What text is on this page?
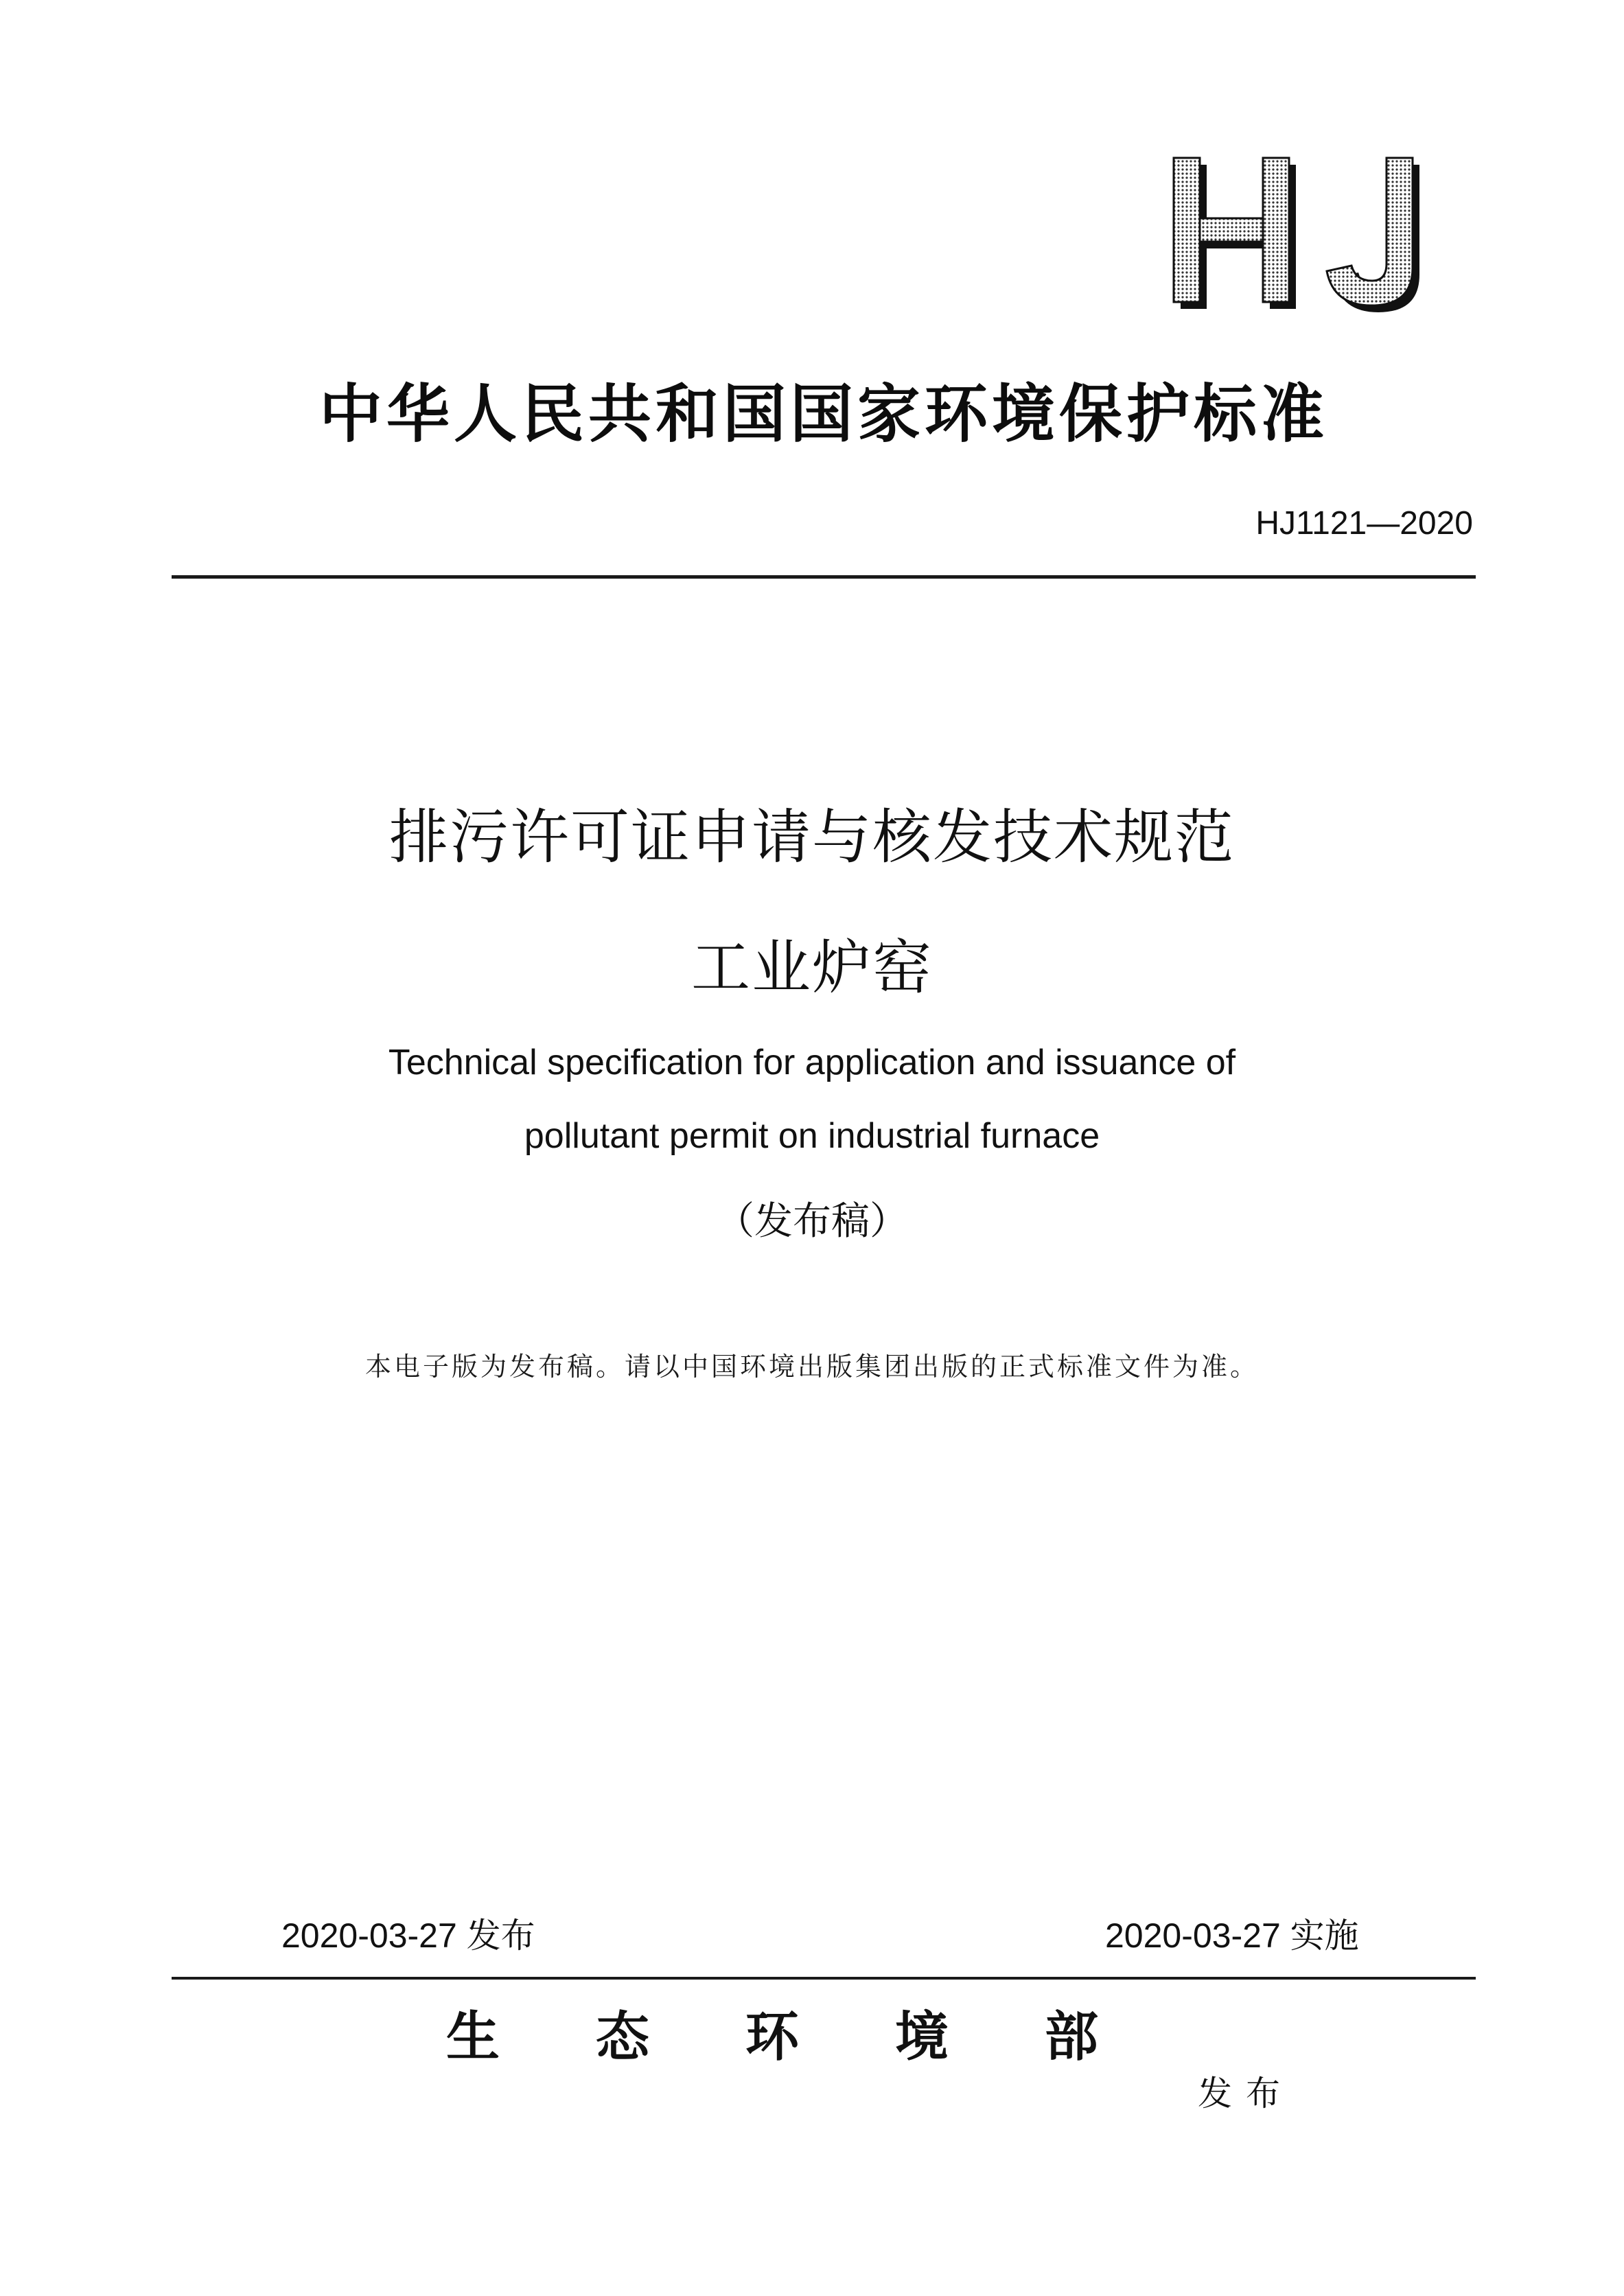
中华人民共和国国家环境保护标准
HJ1121—2020
排污许可证申请与核发技术规范
工业炉窑
Technical specification for application and issuance of
pollutant permit on industrial furnace
（发布稿）
本电子版为发布稿。请以中国环境出版集团出版的正式标准文件为准。
2020-03-27 发布	2020-03-27 实施
生态环境部
发布
